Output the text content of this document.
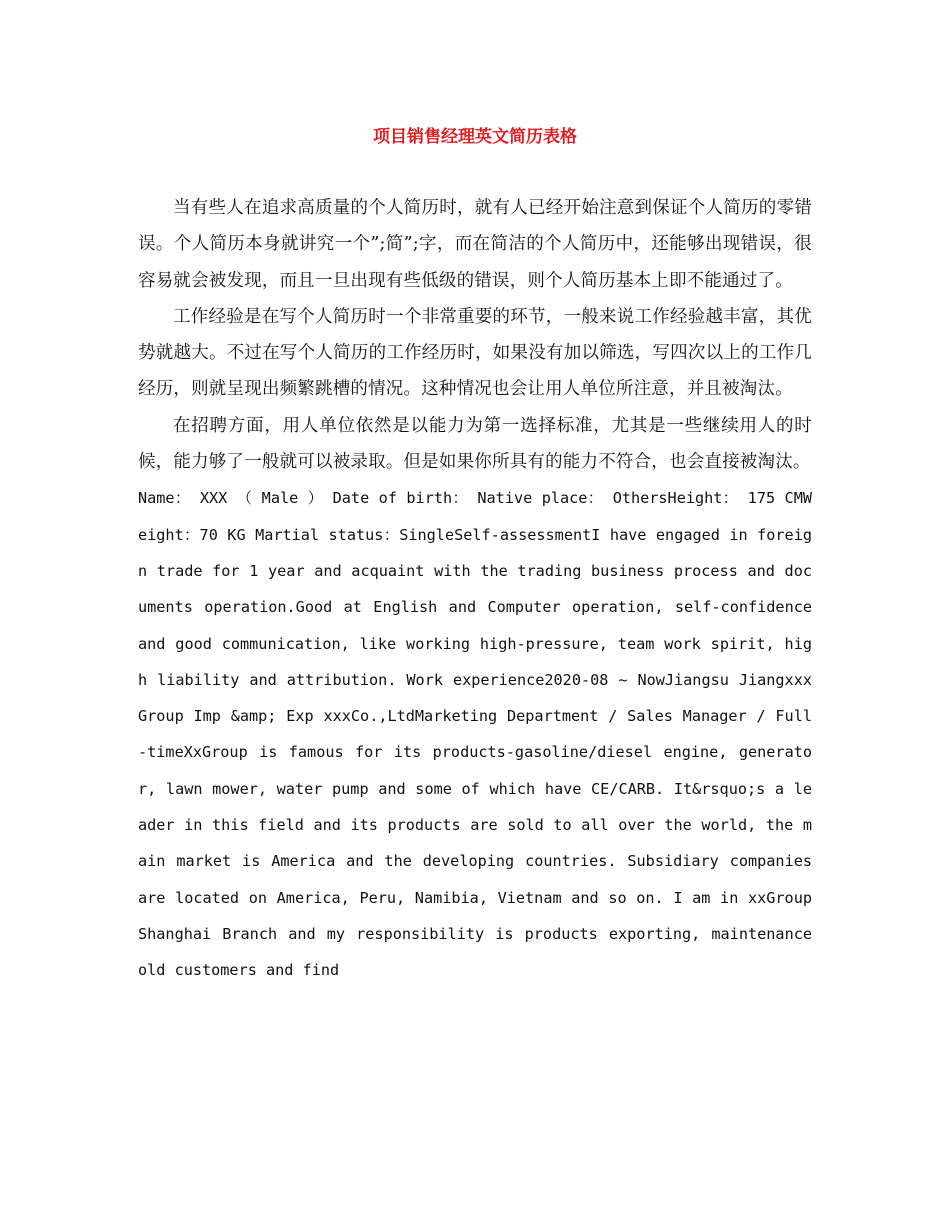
项目销售经理英文简历表格

当有些人在追求高质量的个人简历时，就有人已经开始注意到保证个人简历的零错误。个人简历本身就讲究一个”;简”;字，而在简洁的个人简历中，还能够出现错误，很容易就会被发现，而且一旦出现有些低级的错误，则个人简历基本上即不能通过了。

工作经验是在写个人简历时一个非常重要的环节，一般来说工作经验越丰富，其优势就越大。不过在写个人简历的工作经历时，如果没有加以筛选，写四次以上的工作几经历，则就呈现出频繁跳槽的情况。这种情况也会让用人单位所注意，并且被淘汰。

在招聘方面，用人单位依然是以能力为第一选择标准，尤其是一些继续用人的时候，能力够了一般就可以被录取。但是如果你所具有的能力不符合，也会直接被淘汰。

Name： XXX （ Male ） Date of birth： Native place： OthersHeight： 175 CMWeight：70 KG Martial status：SingleSelf-assessmentI have engaged in foreign trade for 1 year and acquaint with the trading business process and documents operation.Good at English and Computer operation, self-confidence and good communication, like working high-pressure, team work spirit, high liability and attribution. Work experience2020-08 ~ NowJiangsu JiangxxxGroup Imp &amp; Exp xxxCo.,LtdMarketing Department / Sales Manager / Full-timeXxGroup is famous for its products-gasoline/diesel engine, generator, lawn mower, water pump and some of which have CE/CARB. It&rsquo;s a leader in this field and its products are sold to all over the world, the main market is America and the developing countries. Subsidiary companies are located on America, Peru, Namibia, Vietnam and so on. I am in xxGroup Shanghai Branch and my responsibility is products exporting, maintenance old customers and find
